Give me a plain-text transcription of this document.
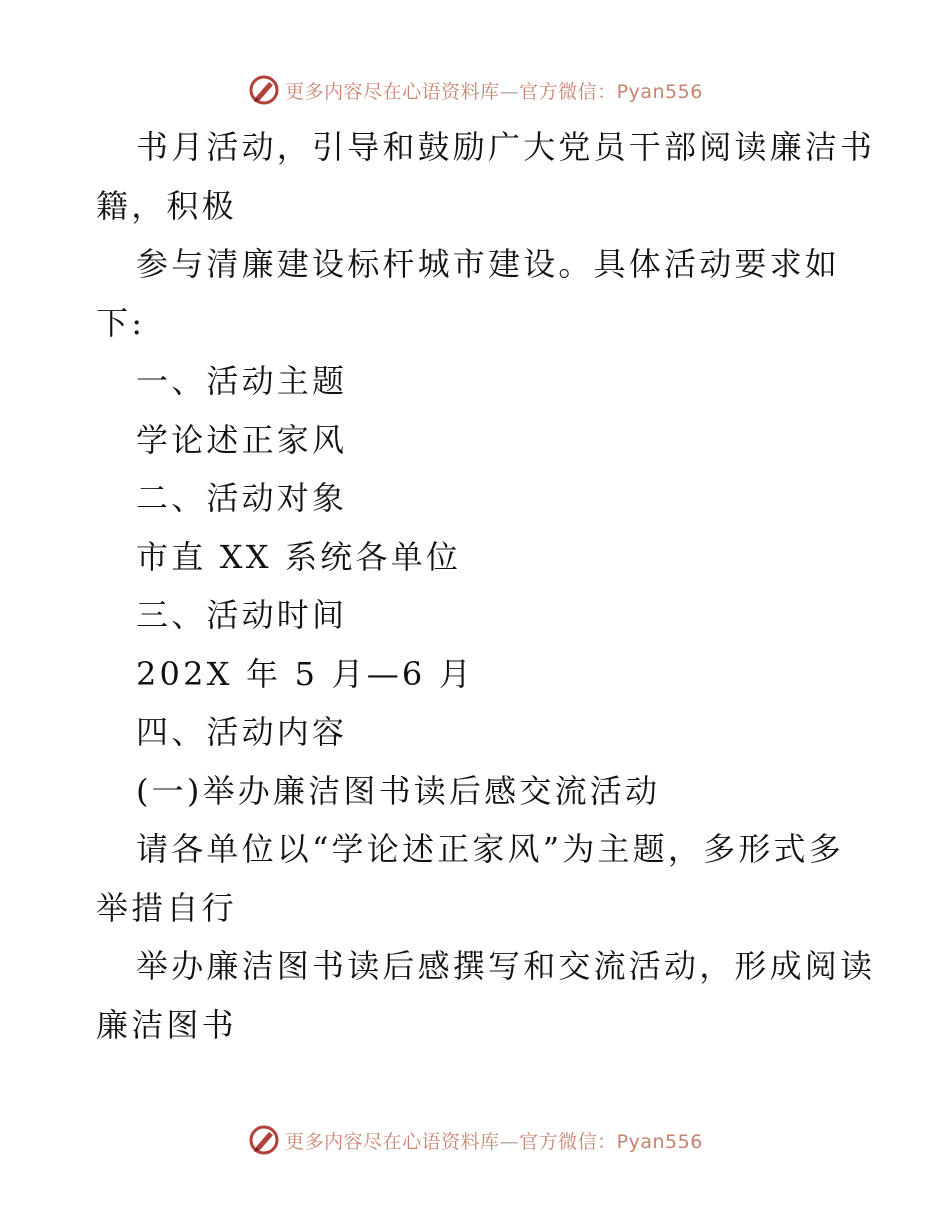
更多内容尽在心语资料库—官方微信：Pyan556
书月活动，引导和鼓励广大党员干部阅读廉洁书
籍，积极
参与清廉建设标杆城市建设。具体活动要求如
下:
一、活动主题
学论述正家风
二、活动对象
市直 XX 系统各单位
三、活动时间
202X 年 5 月—6 月
四、活动内容
(一)举办廉洁图书读后感交流活动
请各单位以“学论述正家风”为主题，多形式多
举措自行
举办廉洁图书读后感撰写和交流活动，形成阅读
廉洁图书
更多内容尽在心语资料库—官方微信：Pyan556
